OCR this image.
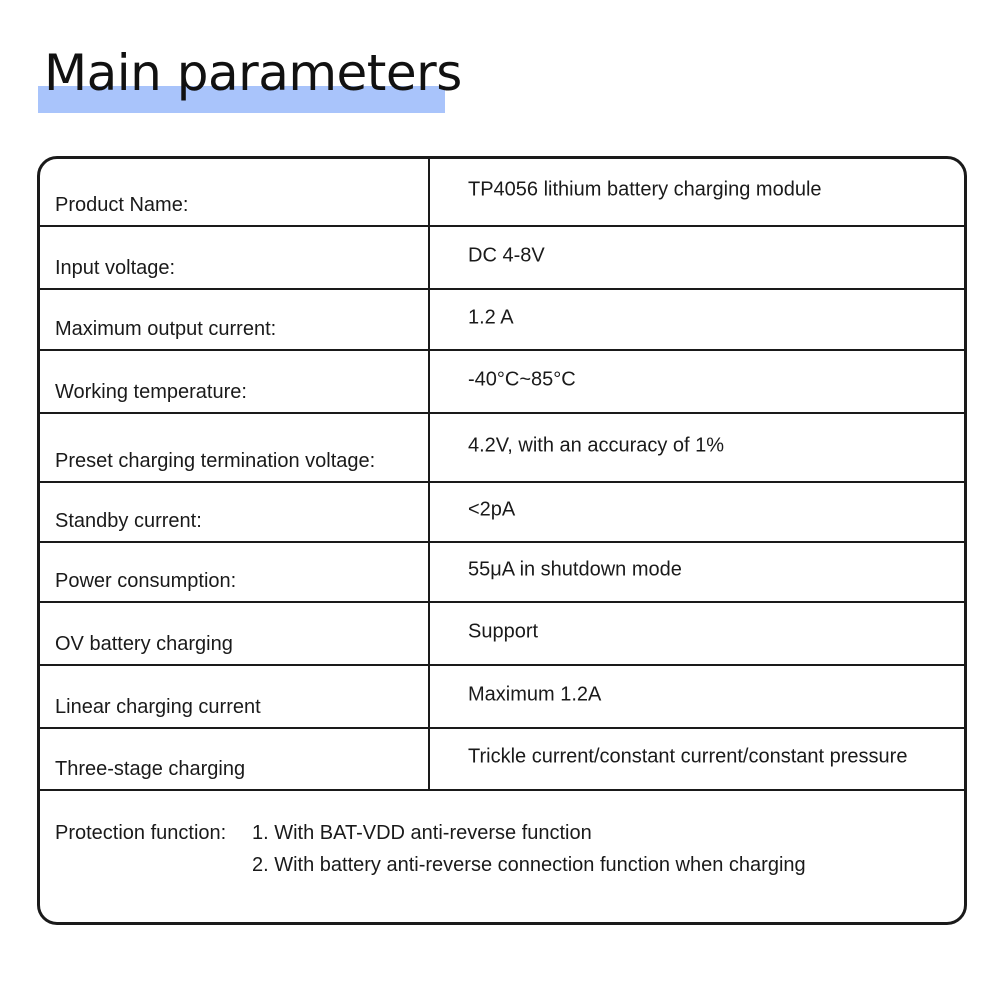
Main parameters
Product Name:
TP4056 lithium battery charging module
Input voltage:
DC 4-8V
Maximum output current:
1.2 A
Working temperature:
-40°C~85°C
Preset charging termination voltage:
4.2V, with an accuracy of 1%
Standby current:
<2pA
Power consumption:
55μA in shutdown mode
OV battery charging
Support
Linear charging current
Maximum 1.2A
Three-stage charging
Trickle current/constant current/constant pressure
Protection function: 1. With BAT-VDD anti-reverse function
2. With battery anti-reverse connection function when charging
